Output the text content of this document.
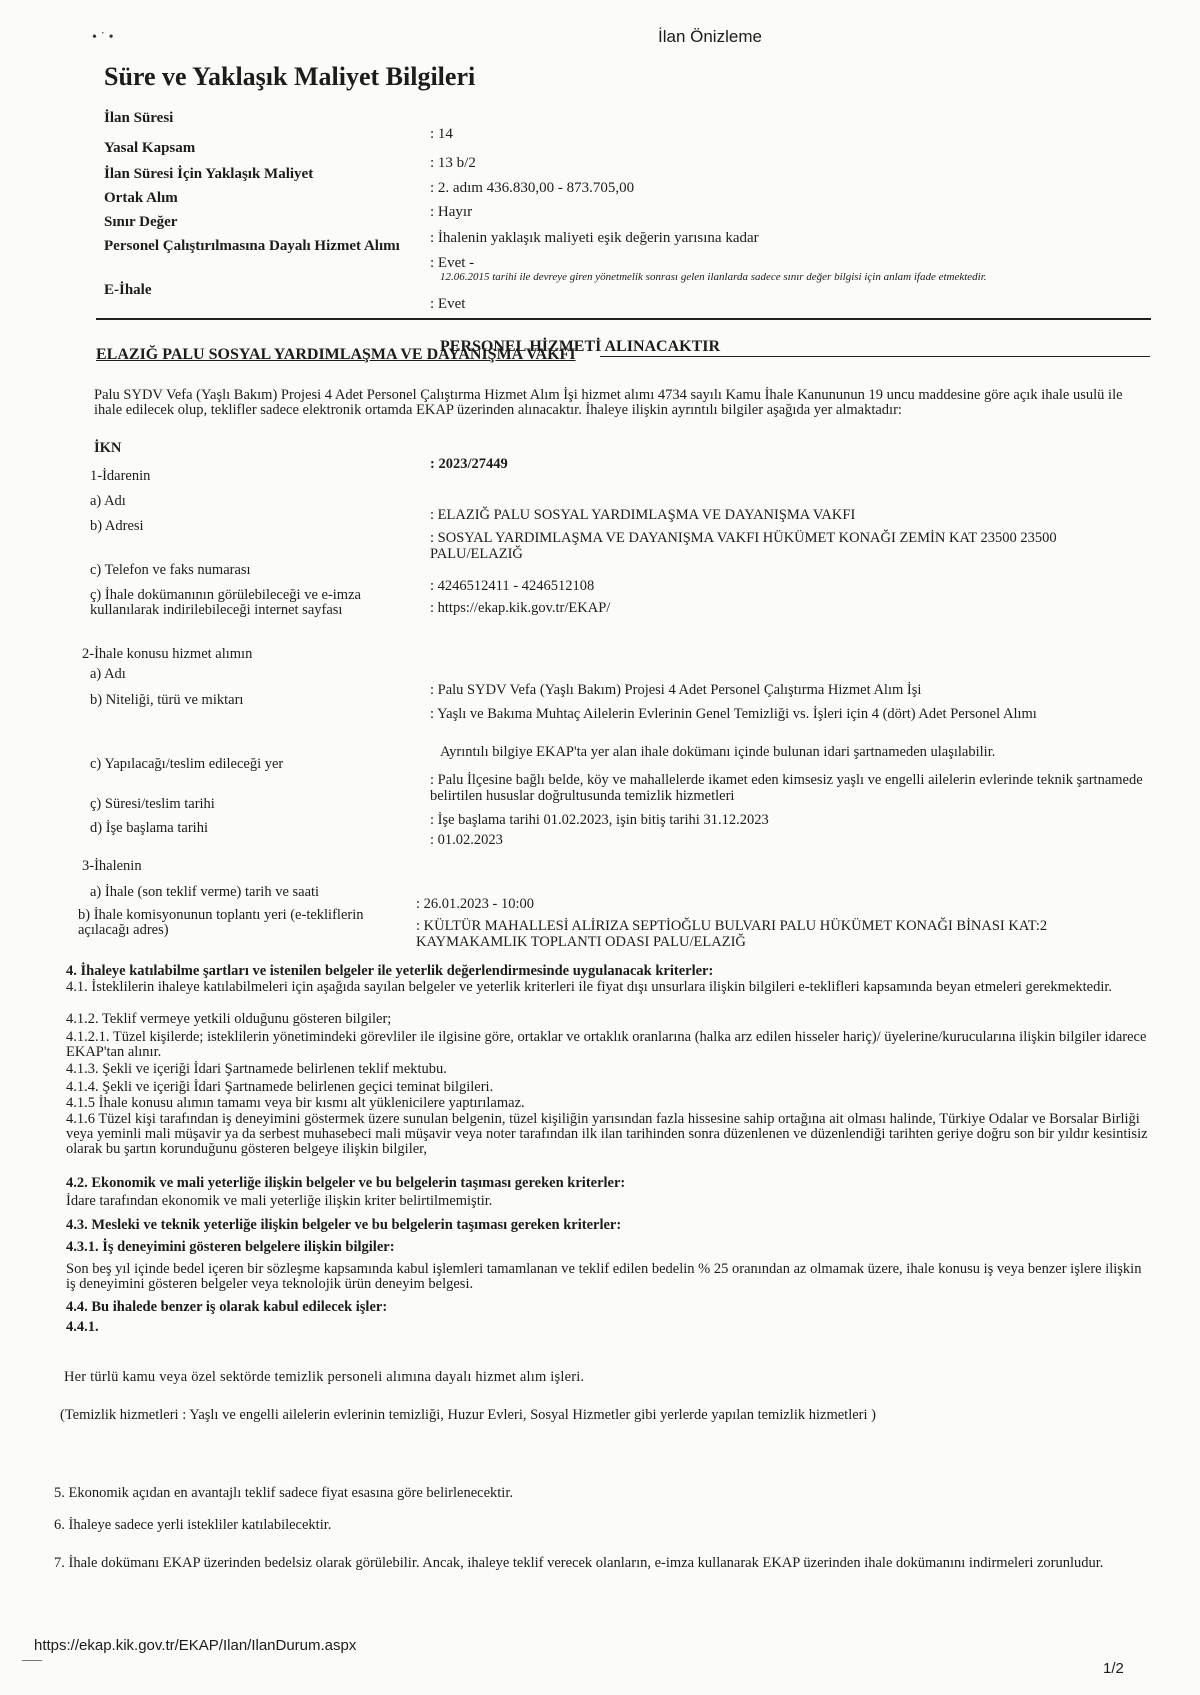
• ˙ •	İlan Önizleme
Süre ve Yaklaşık Maliyet Bilgileri
İlan Süresi
: 14
Yasal Kapsam
: 13 b/2
İlan Süresi İçin Yaklaşık Maliyet
: 2. adım 436.830,00 - 873.705,00
Ortak Alım
: Hayır
Sınır Değer
: İhalenin yaklaşık maliyeti eşik değerin yarısına kadar
Personel Çalıştırılmasına Dayalı Hizmet Alımı
: Evet -
12.06.2015 tarihi ile devreye giren yönetmelik sonrası gelen ilanlarda sadece sınır değer bilgisi için anlam ifade etmektedir.
E-İhale
: Evet
PERSONEL HİZMETİ ALINACAKTIR
ELAZIĞ PALU SOSYAL YARDIMLAŞMA VE DAYANIŞMA VAKFI
Palu SYDV Vefa (Yaşlı Bakım) Projesi 4 Adet Personel Çalıştırma Hizmet Alım İşi hizmet alımı 4734 sayılı Kamu İhale Kanununun 19 uncu maddesine göre açık ihale usulü ile ihale edilecek olup, teklifler sadece elektronik ortamda EKAP üzerinden alınacaktır. İhaleye ilişkin ayrıntılı bilgiler aşağıda yer almaktadır:
İKN
: 2023/27449
1-İdarenin
a) Adı
: ELAZIĞ PALU SOSYAL YARDIMLAŞMA VE DAYANIŞMA VAKFI
b) Adresi
: SOSYAL YARDIMLAŞMA VE DAYANIŞMA VAKFI HÜKÜMET KONAĞI ZEMİN KAT 23500 23500 PALU/ELAZIĞ
c) Telefon ve faks numarası
: 4246512411 - 4246512108
ç) İhale dokümanının görülebileceği ve e-imza kullanılarak indirilebileceği internet sayfası	: https://ekap.kik.gov.tr/EKAP/
2-İhale konusu hizmet alımın
a) Adı
: Palu SYDV Vefa (Yaşlı Bakım) Projesi 4 Adet Personel Çalıştırma Hizmet Alım İşi
b) Niteliği, türü ve miktarı
: Yaşlı ve Bakıma Muhtaç Ailelerin Evlerinin Genel Temizliği vs. İşleri için 4 (dört) Adet Personel Alımı
Ayrıntılı bilgiye EKAP'ta yer alan ihale dokümanı içinde bulunan idari şartnameden ulaşılabilir.
c) Yapılacağı/teslim edileceği yer
: Palu İlçesine bağlı belde, köy ve mahallelerde ikamet eden kimsesiz yaşlı ve engelli ailelerin evlerinde teknik şartnamede belirtilen hususlar doğrultusunda temizlik hizmetleri
ç) Süresi/teslim tarihi
: İşe başlama tarihi 01.02.2023, işin bitiş tarihi 31.12.2023
d) İşe başlama tarihi
: 01.02.2023
3-İhalenin
a) İhale (son teklif verme) tarih ve saati
: 26.01.2023 - 10:00
b) İhale komisyonunun toplantı yeri (e-tekliflerin açılacağı adres)	: KÜLTÜR MAHALLESİ ALİRIZA SEPTİOĞLU BULVARI PALU HÜKÜMET KONAĞI BİNASI KAT:2 KAYMAKAMLIK TOPLANTI ODASI PALU/ELAZIĞ
4. İhaleye katılabilme şartları ve istenilen belgeler ile yeterlik değerlendirmesinde uygulanacak kriterler:
4.1. İsteklilerin ihaleye katılabilmeleri için aşağıda sayılan belgeler ve yeterlik kriterleri ile fiyat dışı unsurlara ilişkin bilgileri e-teklifleri kapsamında beyan etmeleri gerekmektedir.
4.1.2. Teklif vermeye yetkili olduğunu gösteren bilgiler;
4.1.2.1. Tüzel kişilerde; isteklilerin yönetimindeki görevliler ile ilgisine göre, ortaklar ve ortaklık oranlarına (halka arz edilen hisseler hariç)/ üyelerine/kurucularına ilişkin bilgiler idarece EKAP'tan alınır.
4.1.3. Şekli ve içeriği İdari Şartnamede belirlenen teklif mektubu.
4.1.4. Şekli ve içeriği İdari Şartnamede belirlenen geçici teminat bilgileri.
4.1.5 İhale konusu alımın tamamı veya bir kısmı alt yüklenicilere yaptırılamaz.
4.1.6 Tüzel kişi tarafından iş deneyimini göstermek üzere sunulan belgenin, tüzel kişiliğin yarısından fazla hissesine sahip ortağına ait olması halinde, Türkiye Odalar ve Borsalar Birliği veya yeminli mali müşavir ya da serbest muhasebeci mali müşavir veya noter tarafından ilk ilan tarihinden sonra düzenlenen ve düzenlendiği tarihten geriye doğru son bir yıldır kesintisiz olarak bu şartın korunduğunu gösteren belgeye ilişkin bilgiler,
4.2. Ekonomik ve mali yeterliğe ilişkin belgeler ve bu belgelerin taşıması gereken kriterler:
İdare tarafından ekonomik ve mali yeterliğe ilişkin kriter belirtilmemiştir.
4.3. Mesleki ve teknik yeterliğe ilişkin belgeler ve bu belgelerin taşıması gereken kriterler:
4.3.1. İş deneyimini gösteren belgelere ilişkin bilgiler:
Son beş yıl içinde bedel içeren bir sözleşme kapsamında kabul işlemleri tamamlanan ve teklif edilen bedelin % 25 oranından az olmamak üzere, ihale konusu iş veya benzer işlere ilişkin iş deneyimini gösteren belgeler veya teknolojik ürün deneyim belgesi.
4.4. Bu ihalede benzer iş olarak kabul edilecek işler:
4.4.1.
Her türlü kamu veya özel sektörde temizlik personeli alımına dayalı hizmet alım işleri.
(Temizlik hizmetleri : Yaşlı ve engelli ailelerin evlerinin temizliği, Huzur Evleri, Sosyal Hizmetler gibi yerlerde yapılan temizlik hizmetleri )
5. Ekonomik açıdan en avantajlı teklif sadece fiyat esasına göre belirlenecektir.
6. İhaleye sadece yerli istekliler katılabilecektir.
7. İhale dokümanı EKAP üzerinden bedelsiz olarak görülebilir. Ancak, ihaleye teklif verecek olanların, e-imza kullanarak EKAP üzerinden ihale dokümanını indirmeleri zorunludur.
https://ekap.kik.gov.tr/EKAP/Ilan/IlanDurum.aspx
1/2
